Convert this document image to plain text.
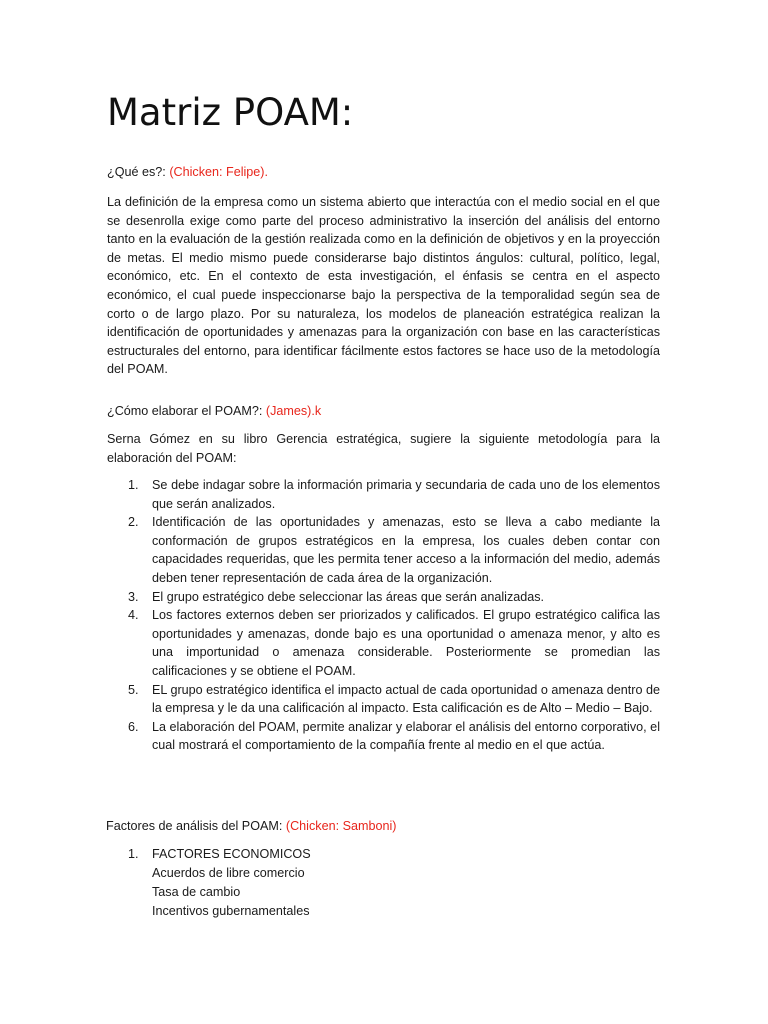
Matriz POAM:

¿Qué es?: (Chicken: Felipe).

La definición de la empresa como un sistema abierto que interactúa con el medio social en el que se desenrolla exige como parte del proceso administrativo la inserción del análisis del entorno tanto en la evaluación de la gestión realizada como en la definición de objetivos y en la proyección de metas. El medio mismo puede considerarse bajo distintos ángulos: cultural, político, legal, económico, etc. En el contexto de esta investigación, el énfasis se centra en el aspecto económico, el cual puede inspeccionarse bajo la perspectiva de la temporalidad según sea de corto o de largo plazo. Por su naturaleza, los modelos de planeación estratégica realizan la identificación de oportunidades y amenazas para la organización con base en las características estructurales del entorno, para identificar fácilmente estos factores se hace uso de la metodología del POAM.

¿Cómo elaborar el POAM?: (James).k

Serna Gómez en su libro Gerencia estratégica, sugiere la siguiente metodología para la elaboración del POAM:

1. Se debe indagar sobre la información primaria y secundaria de cada uno de los elementos que serán analizados.
2. Identificación de las oportunidades y amenazas, esto se lleva a cabo mediante la conformación de grupos estratégicos en la empresa, los cuales deben contar con capacidades requeridas, que les permita tener acceso a la información del medio, además deben tener representación de cada área de la organización.
3. El grupo estratégico debe seleccionar las áreas que serán analizadas.
4. Los factores externos deben ser priorizados y calificados. El grupo estratégico califica las oportunidades y amenazas, donde bajo es una oportunidad o amenaza menor, y alto es una importunidad o amenaza considerable. Posteriormente se promedian las calificaciones y se obtiene el POAM.
5. EL grupo estratégico identifica el impacto actual de cada oportunidad o amenaza dentro de la empresa y le da una calificación al impacto. Esta calificación es de Alto – Medio – Bajo.
6. La elaboración del POAM, permite analizar y elaborar el análisis del entorno corporativo, el cual mostrará el comportamiento de la compañía frente al medio en el que actúa.

Factores de análisis del POAM: (Chicken: Samboni)

1. FACTORES ECONOMICOS
Acuerdos de libre comercio
Tasa de cambio
Incentivos gubernamentales
